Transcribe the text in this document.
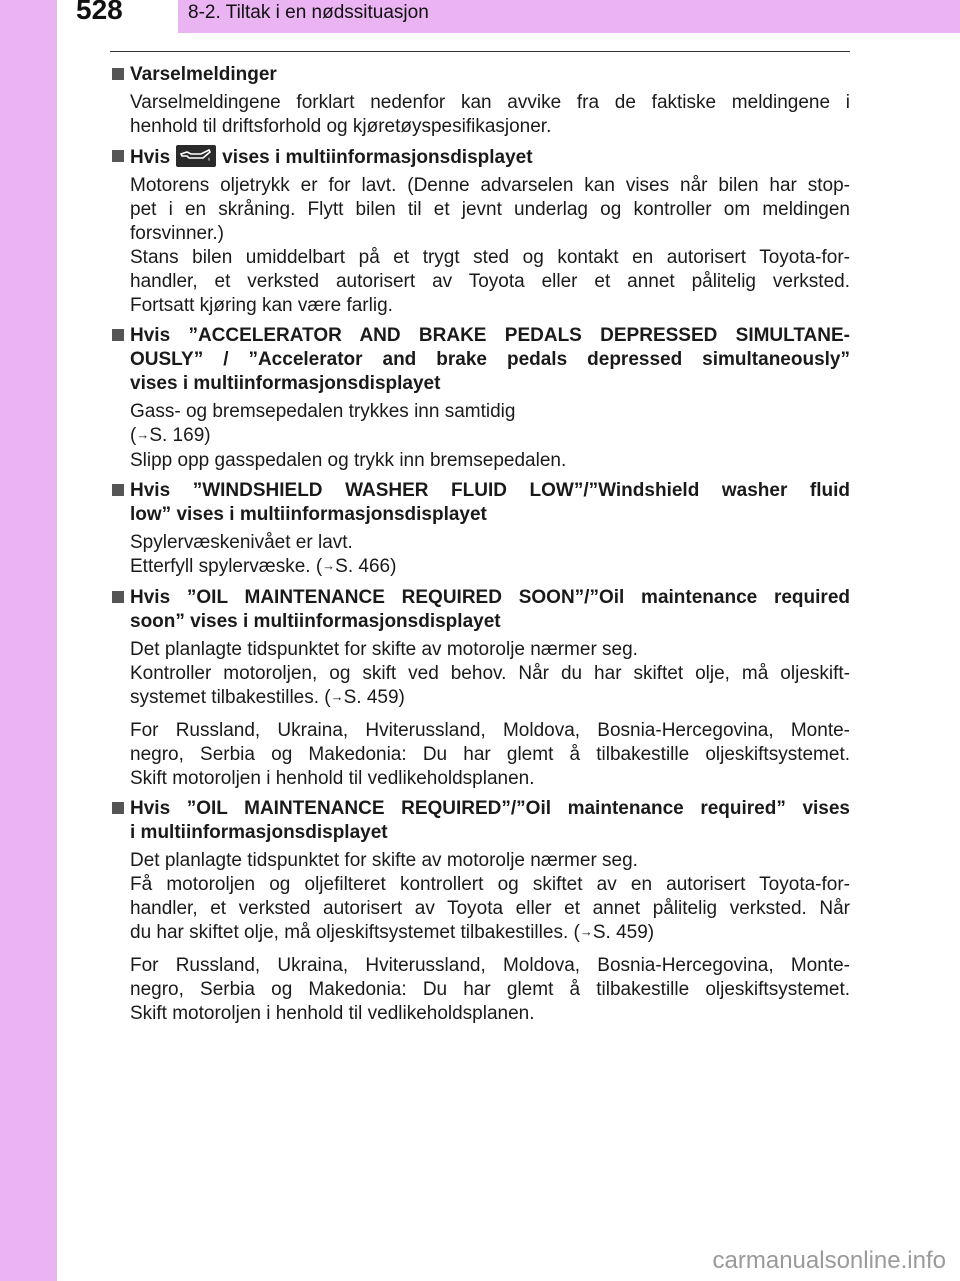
528	8-2. Tiltak i en nødssituasjon
Varselmeldinger
Varselmeldingene forklart nedenfor kan avvike fra de faktiske meldingene i
henhold til driftsforhold og kjøretøyspesifikasjoner.
Hvis	vises i multiinformasjonsdisplayet
Motorens oljetrykk er for lavt. (Denne advarselen kan vises når bilen har stop-
pet i en skråning. Flytt bilen til et jevnt underlag og kontroller om meldingen
forsvinner.)
Stans bilen umiddelbart på et trygt sted og kontakt en autorisert Toyota-for-
handler, et verksted autorisert av Toyota eller et annet pålitelig verksted.
Fortsatt kjøring kan være farlig.
Hvis ”ACCELERATOR AND BRAKE PEDALS DEPRESSED SIMULTANE-
OUSLY” / ”Accelerator and brake pedals depressed simultaneously”
vises i multiinformasjonsdisplayet
Gass- og bremsepedalen trykkes inn samtidig
(→S. 169)
Slipp opp gasspedalen og trykk inn bremsepedalen.
Hvis ”WINDSHIELD WASHER FLUID LOW”/”Windshield washer fluid
low” vises i multiinformasjonsdisplayet
Spylervæskenivået er lavt.
Etterfyll spylervæske. (→S. 466)
Hvis ”OIL MAINTENANCE REQUIRED SOON”/”Oil maintenance required
soon” vises i multiinformasjonsdisplayet
Det planlagte tidspunktet for skifte av motorolje nærmer seg.
Kontroller motoroljen, og skift ved behov. Når du har skiftet olje, må oljeskift-
systemet tilbakestilles. (→S. 459)
For Russland, Ukraina, Hviterussland, Moldova, Bosnia-Hercegovina, Monte-
negro, Serbia og Makedonia: Du har glemt å tilbakestille oljeskiftsystemet.
Skift motoroljen i henhold til vedlikeholdsplanen.
Hvis ”OIL MAINTENANCE REQUIRED”/”Oil maintenance required” vises
i multiinformasjonsdisplayet
Det planlagte tidspunktet for skifte av motorolje nærmer seg.
Få motoroljen og oljefilteret kontrollert og skiftet av en autorisert Toyota-for-
handler, et verksted autorisert av Toyota eller et annet pålitelig verksted. Når
du har skiftet olje, må oljeskiftsystemet tilbakestilles. (→S. 459)
For Russland, Ukraina, Hviterussland, Moldova, Bosnia-Hercegovina, Monte-
negro, Serbia og Makedonia: Du har glemt å tilbakestille oljeskiftsystemet.
Skift motoroljen i henhold til vedlikeholdsplanen.
carmanualsonline.info
